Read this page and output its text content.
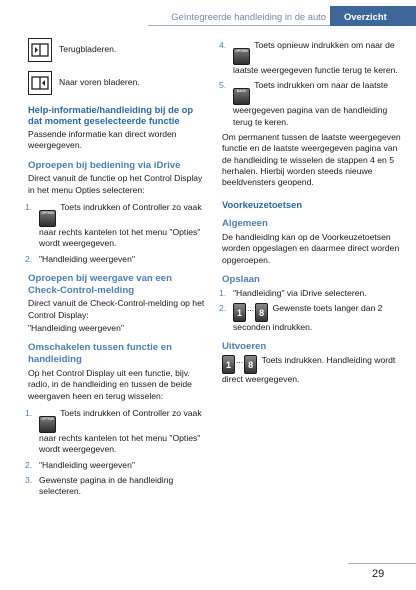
Geïntegreerde handleiding in de auto	Overzicht
Terugbladeren.
Naar voren bladeren.
Help-informatie/handleiding bij de op dat moment geselecteerde functie

Passende informatie kan direct worden weergegeven.

Oproepen bij bediening via iDrive

Direct vanuit de functie op het Control Display in het menu Opties selecteren:

1.
OPTION Toets indrukken of Controller zo vaak naar rechts kantelen tot het menu "Opties" wordt weergegeven.
2. "Handleiding weergeven"
Oproepen bij weergave van een Check-Control-melding

Direct vanuit de Check-Control-melding op het Control Display:

"Handleiding weergeven"

Omschakelen tussen functie en handleiding

Op het Control Display uit een functie, bijv. radio, in de handleiding en tussen de beide weergaven heen en terug wisselen:

1.
OPTION Toets indrukken of Controller zo vaak naar rechts kantelen tot het menu "Opties" wordt weergegeven.
2. "Handleiding weergeven"
3. Gewenste pagina in de handleiding selecteren.
4.
OPTION Toets opnieuw indrukken om naar de laatste weergegeven functie terug te keren.
5.
BACK Toets indrukken om naar de laatste weergegeven pagina van de handleiding terug te keren.

Om permanent tussen de laatste weergegeven functie en de laatste weergegeven pagina van de handleiding te wisselen de stappen 4 en 5 herhalen. Hierbij worden steeds nieuwe beeldvensters geopend.

Voorkeuzetoetsen
Algemeen

De handleiding kan op de Voorkeuzetoetsen worden opgeslagen en daarmee direct worden opgeroepen.

Opslaan
1. "Handleiding" via iDrive selecteren.
2. 1 ... 8 Gewenste toets langer dan 2 seconden indrukken.
Uitvoeren

1 ... 8 Toets indrukken. Handleiding wordt direct weergegeven.

29
